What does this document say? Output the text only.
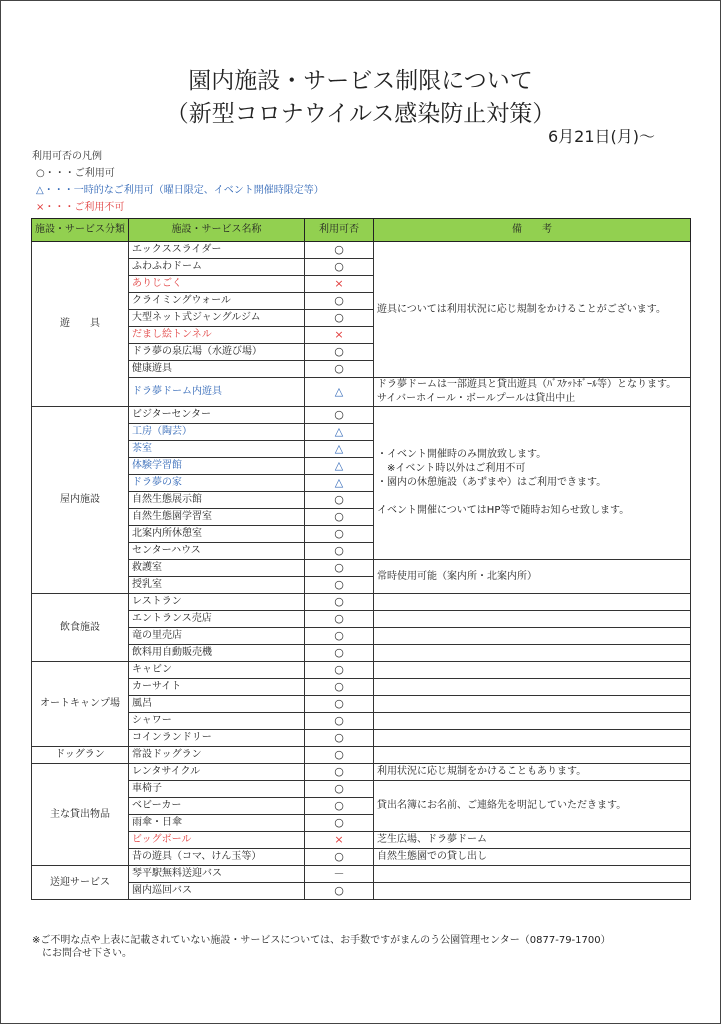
園内施設・サービス制限について
（新型コロナウイルス感染防止対策）
6月21日(月)～
利用可否の凡例
○・・・ご利用可
△・・・一時的なご利用可（曜日限定、イベント開催時限定等）
×・・・ご利用不可
施設・サービス分類	施設・サービス名称	利用可否	備　　考
遊　　具	エックススライダー	○	遊具については利用状況に応じ規制をかけることがございます。
	ふわふわドーム	○	
	ありじごく	×	
	クライミングウォール	○	
	大型ネット式ジャングルジム	○	
	だまし絵トンネル	×	
	ドラ夢の泉広場（水遊び場）	○	
	健康遊具	○	
	ドラ夢ドーム内遊具	△	ドラ夢ドームは一部遊具と貸出遊具（ﾊﾞｽｹｯﾄﾎﾞｰﾙ等）となります。
サイバーホイール・ボールプールは貸出中止
屋内施設	ビジターセンター	○	・イベント開催時のみ開放致します。
　※イベント時以外はご利用不可
・園内の休憩施設（あずまや）はご利用できます。

イベント開催についてはHP等で随時お知らせ致します。
	工房（陶芸）	△	
	茶室	△	
	体験学習館	△	
	ドラ夢の家	△	
	自然生態展示館	○	
	自然生態園学習室	○	
	北案内所休憩室	○	
	センターハウス	○	
	救護室	○	常時使用可能（案内所・北案内所）
	授乳室	○	
飲食施設	レストラン	○	
	エントランス売店	○	
	竜の里売店	○	
	飲料用自動販売機	○	
オートキャンプ場	キャビン	○	
	カーサイト	○	
	風呂	○	
	シャワー	○	
	コインランドリー	○	
ドッグラン	常設ドッグラン	○	
主な貸出物品	レンタサイクル	○	利用状況に応じ規制をかけることもあります。
	車椅子	○	貸出名簿にお名前、ご連絡先を明記していただきます。
	ベビーカー	○	
	雨傘・日傘	○	
	ビッグボール	×	芝生広場、ドラ夢ドーム
	昔の遊具（コマ、けん玉等）	○	自然生態園での貸し出し
送迎サービス	琴平駅無料送迎バス	－	
	園内巡回バス	○	
※ご不明な点や上表に記載されていない施設・サービスについては、お手数ですがまんのう公園管理センター（0877-79-1700）
　にお問合せ下さい。
